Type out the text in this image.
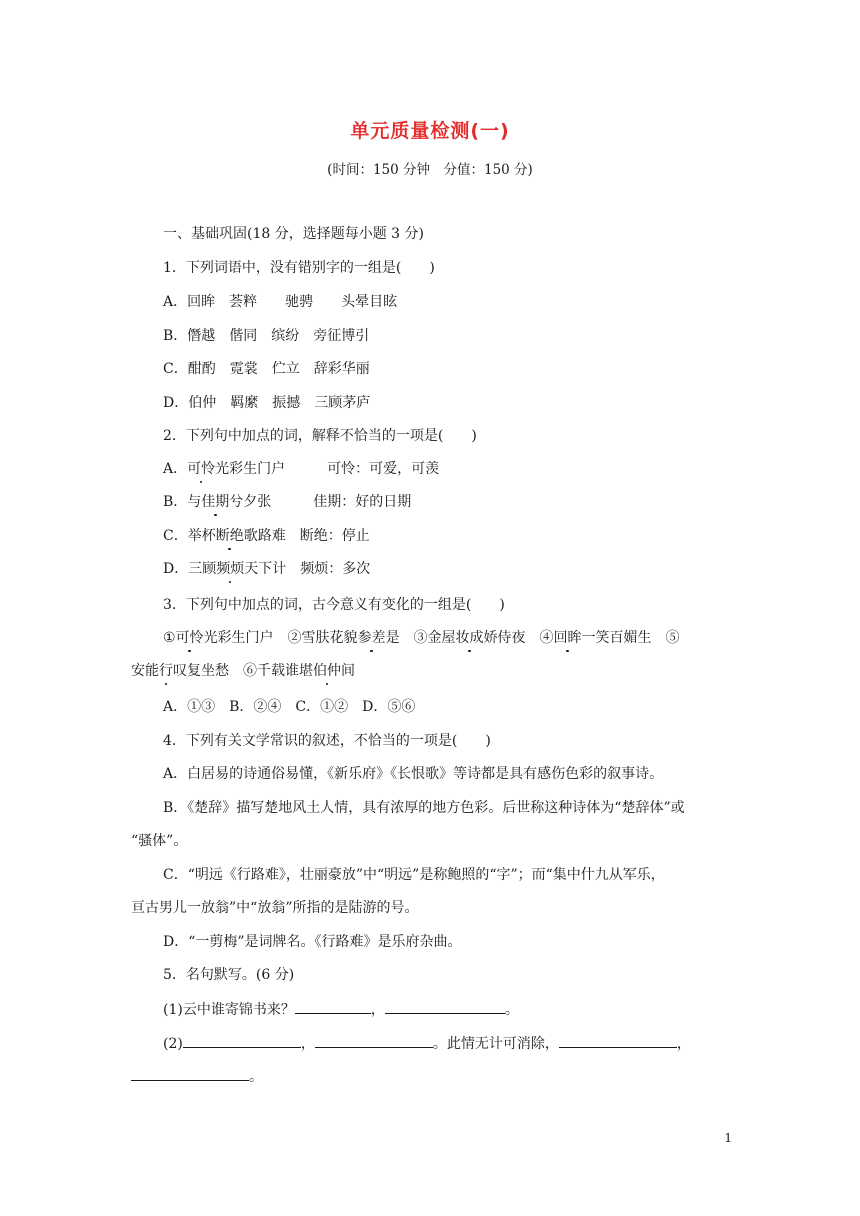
单元质量检测(一)
(时间：150 分钟　分值：150 分)
一、基础巩固(18 分，选择题每小题 3 分)
1．下列词语中，没有错别字的一组是(　　)
A．回眸　荟粹　　驰骋　　头晕目眩
B．僭越　偕同　缤纷　旁征博引
C．酣酌　霓裳　伫立　辞彩华丽
D．伯仲　羁縻　振撼　三顾茅庐
2．下列句中加点的词，解释不恰当的一项是(　　)
A．可怜光彩生门户　　　可怜：可爱，可羡
B．与佳期兮夕张　　　佳期：好的日期
C．举杯断绝歌路难　断绝：停止
D．三顾频烦天下计　频烦：多次
3．下列句中加点的词，古今意义有变化的一组是(　　)
①可怜光彩生门户　②雪肤花貌参差是　③金屋妆成娇侍夜　④回眸一笑百媚生　⑤
安能行叹复坐愁　⑥千载谁堪伯仲间
A．①③　B．②④　C．①②　D．⑤⑥
4．下列有关文学常识的叙述，不恰当的一项是(　　)
A．白居易的诗通俗易懂，《新乐府》《长恨歌》等诗都是具有感伤色彩的叙事诗。
B．《楚辞》描写楚地风土人情，具有浓厚的地方色彩。后世称这种诗体为“楚辞体”或
“骚体”。
C．“明远《行路难》，壮丽豪放”中“明远”是称鲍照的“字”；而“集中什九从军乐，
亘古男儿一放翁”中“放翁”所指的是陆游的号。
D．“一剪梅”是词牌名。《行路难》是乐府杂曲。
5．名句默写。(6 分)
(1)云中谁寄锦书来？	，	。
(2)	，	。此情无计可消除，	，
。
1
